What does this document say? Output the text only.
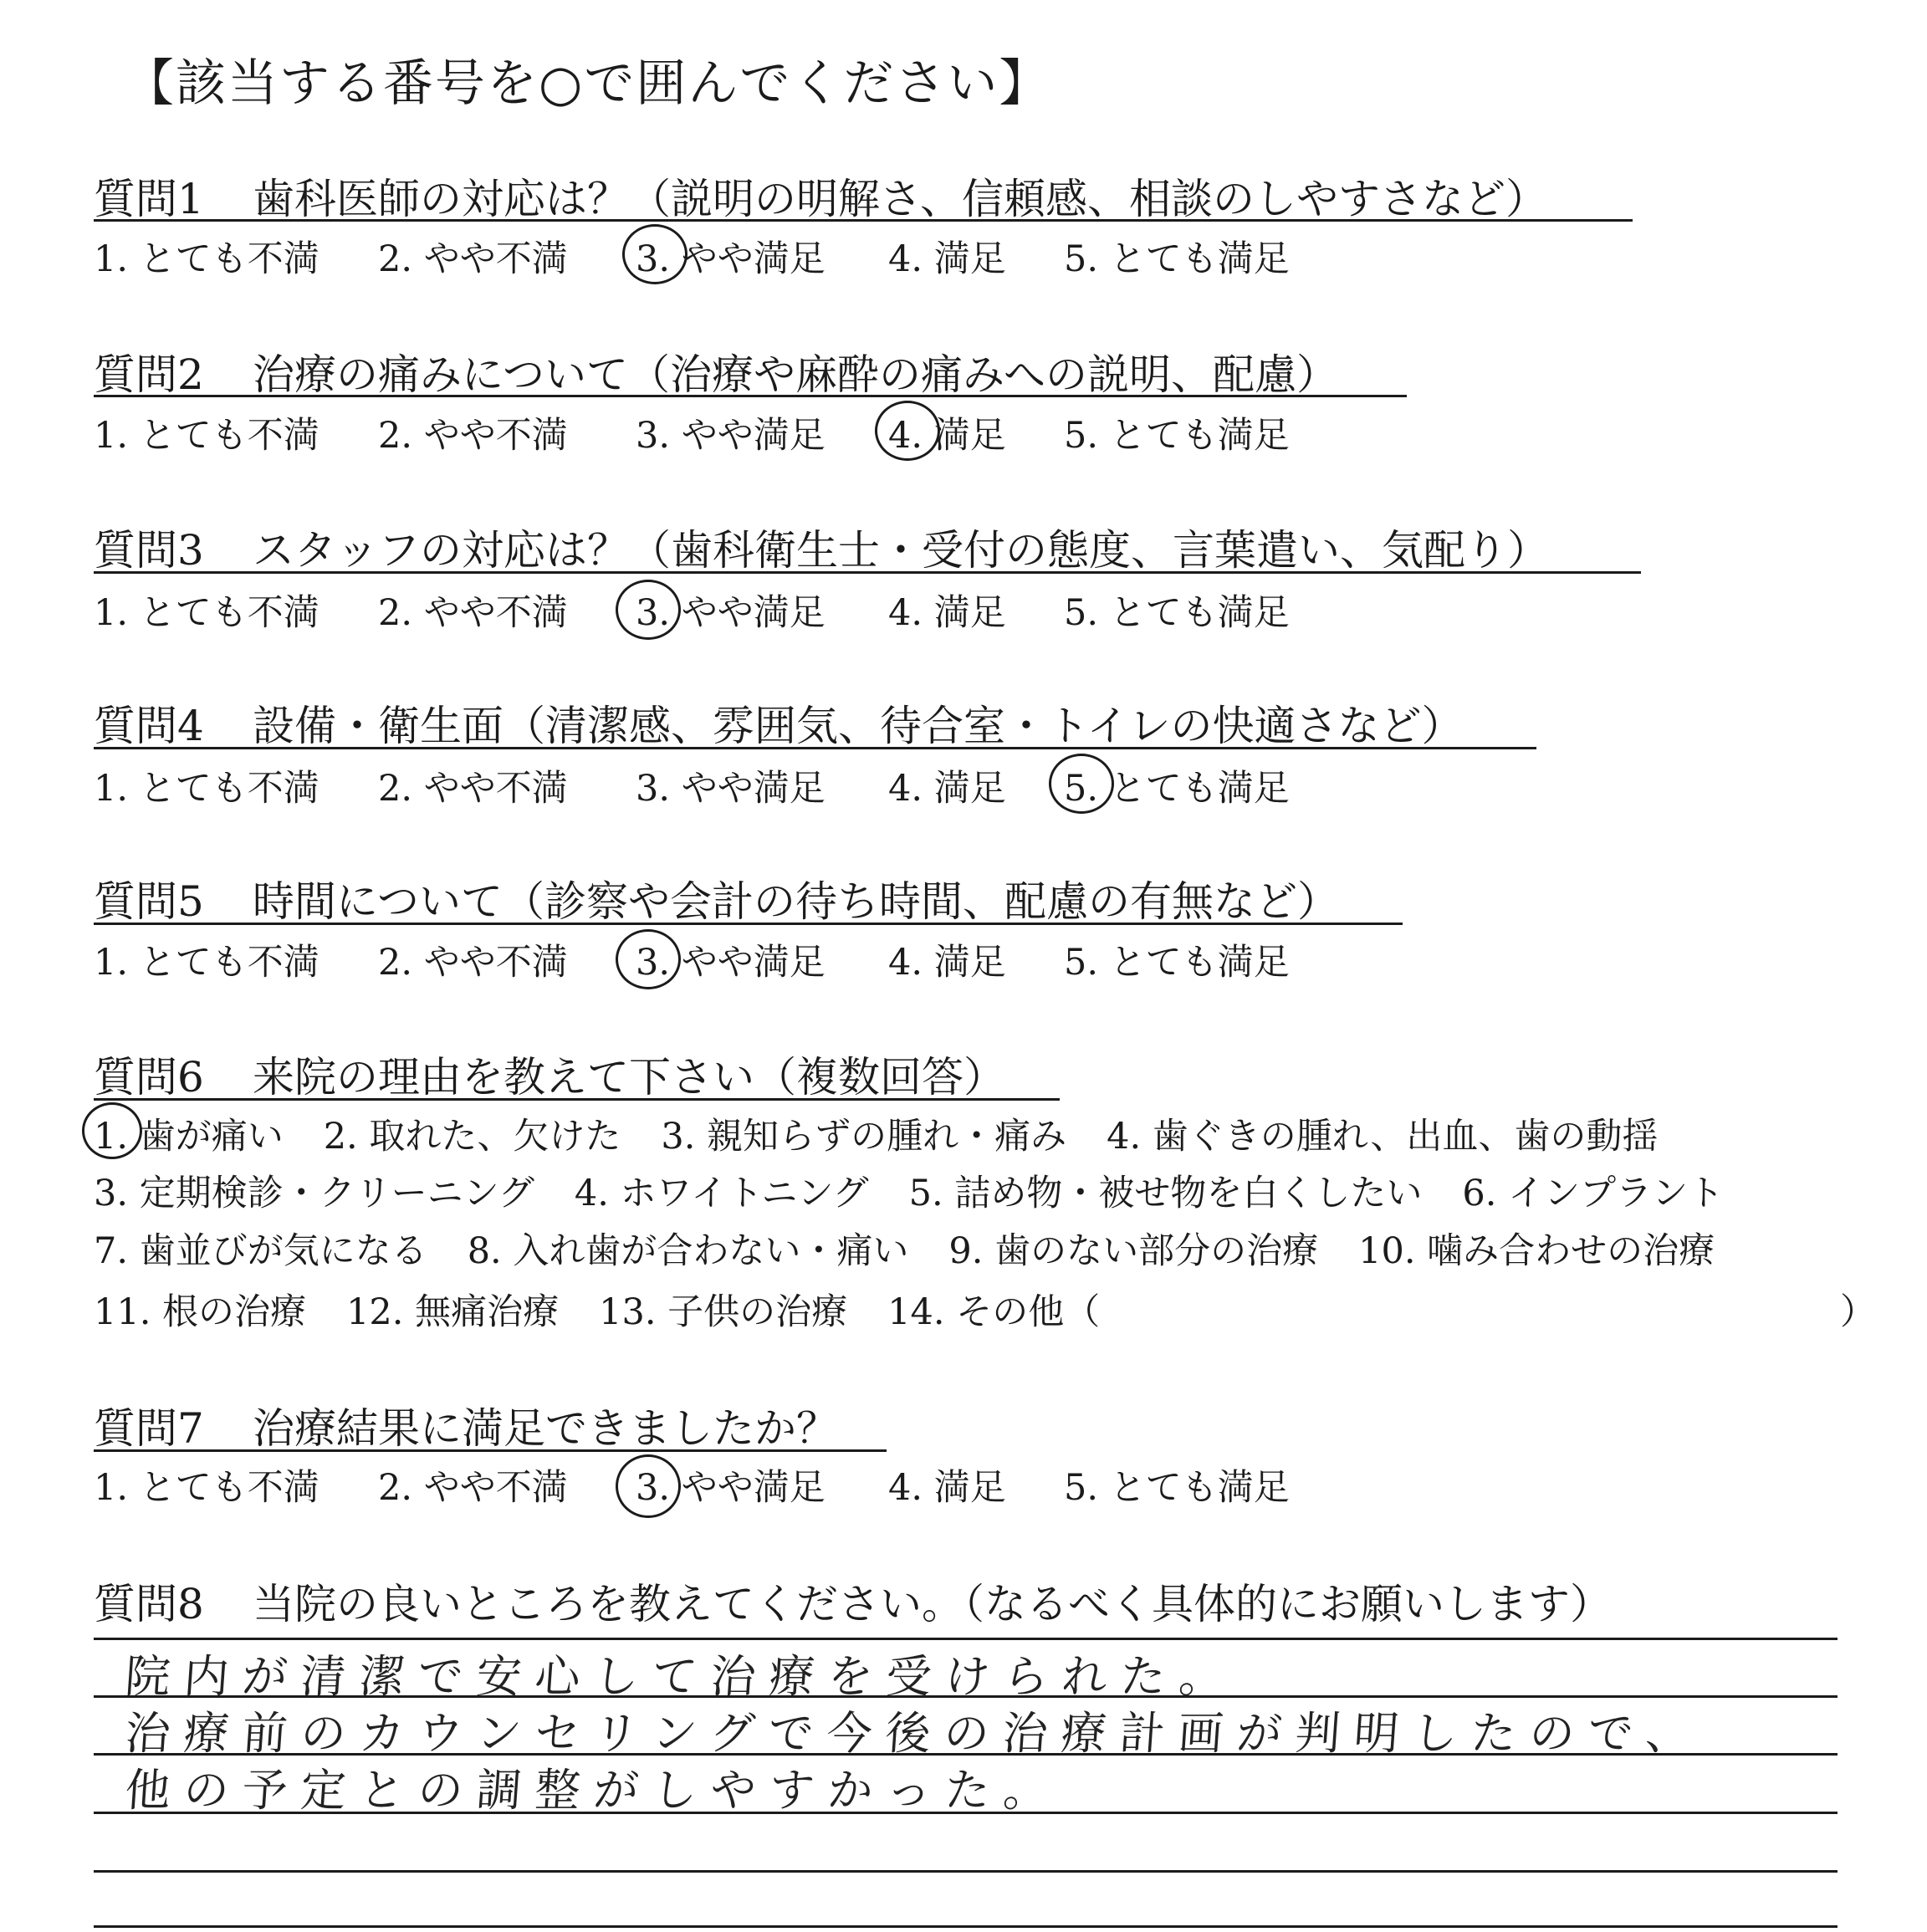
【該当する番号を○で囲んでください】
質問1 歯科医師の対応は？（説明の明解さ、信頼感、相談のしやすさなど）
1. とても不満 2. やや不満 3. やや満足 4. 満足 5. とても満足
質問2 治療の痛みについて（治療や麻酔の痛みへの説明、配慮）
1. とても不満 2. やや不満 3. やや満足 4. 満足 5. とても満足
質問3 スタッフの対応は？（歯科衛生士・受付の態度、言葉遣い、気配り）
1. とても不満 2. やや不満 3. やや満足 4. 満足 5. とても満足
質問4 設備・衛生面（清潔感、雰囲気、待合室・トイレの快適さなど）
1. とても不満 2. やや不満 3. やや満足 4. 満足 5. とても満足
質問5 時間について（診察や会計の待ち時間、配慮の有無など）
1. とても不満 2. やや不満 3. やや満足 4. 満足 5. とても満足
質問6 来院の理由を教えて下さい（複数回答）
1. 歯が痛い 2. 取れた、欠けた 3. 親知らずの腫れ・痛み 4. 歯ぐきの腫れ、出血、歯の動揺
3. 定期検診・クリーニング 4. ホワイトニング 5. 詰め物・被せ物を白くしたい 6. インプラント
7. 歯並びが気になる 8. 入れ歯が合わない・痛い 9. 歯のない部分の治療 10. 噛み合わせの治療
11. 根の治療 12. 無痛治療 13. 子供の治療 14. その他（	）
質問7 治療結果に満足できましたか？
1. とても不満 2. やや不満 3. やや満足 4. 満足 5. とても満足
質問8 当院の良いところを教えてください。（なるべく具体的にお願いします）
院内が清潔で安心して治療を受けられた。
治療前のカウンセリングで今後の治療計画が判明したので、
他の予定との調整がしやすかった。
